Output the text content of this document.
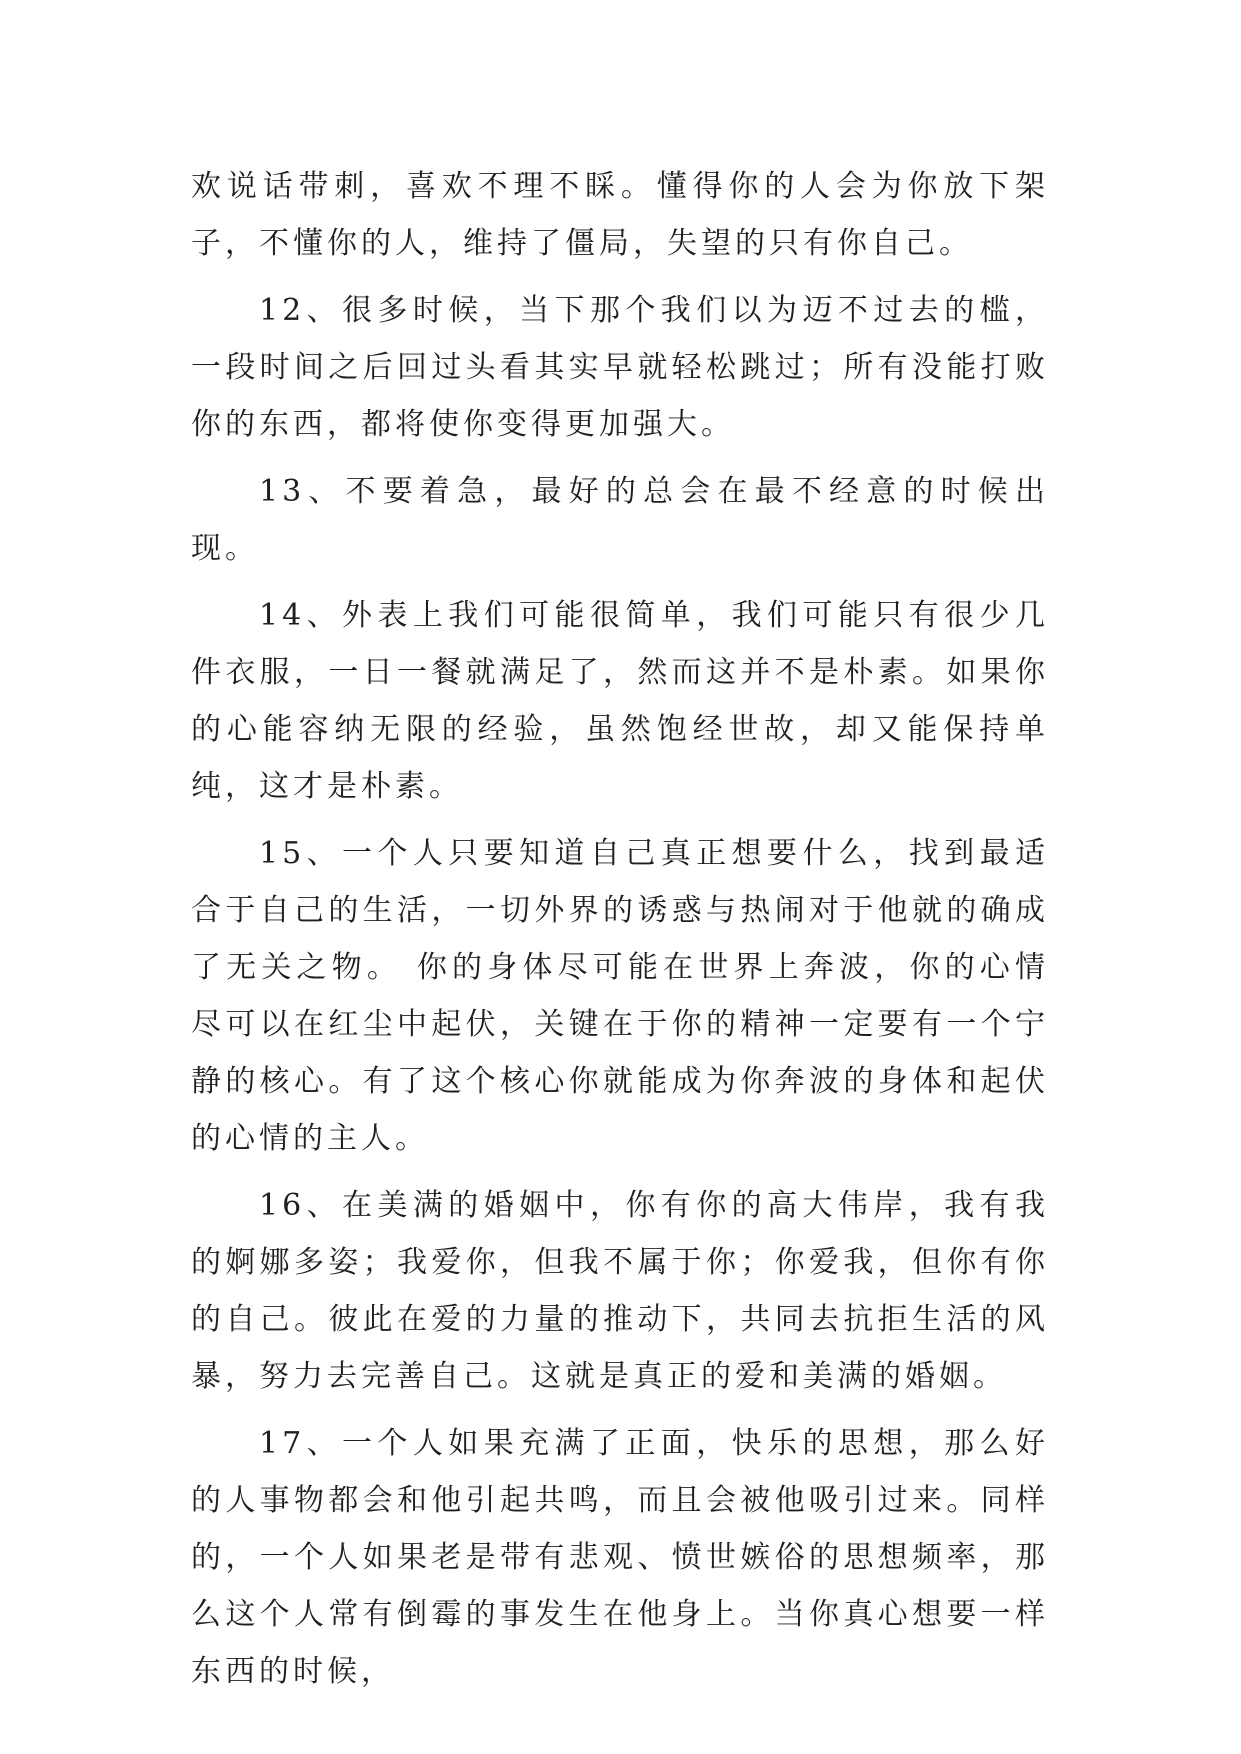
欢说话带刺，喜欢不理不睬。懂得你的人会为你放下架子，不懂你的人，维持了僵局，失望的只有你自己。

12、很多时候，当下那个我们以为迈不过去的槛，一段时间之后回过头看其实早就轻松跳过；所有没能打败你的东西，都将使你变得更加强大。

13、不要着急，最好的总会在最不经意的时候出现。

14、外表上我们可能很简单，我们可能只有很少几件衣服，一日一餐就满足了，然而这并不是朴素。如果你的心能容纳无限的经验，虽然饱经世故，却又能保持单纯，这才是朴素。

15、一个人只要知道自己真正想要什么，找到最适合于自己的生活，一切外界的诱惑与热闹对于他就的确成了无关之物。 你的身体尽可能在世界上奔波，你的心情尽可以在红尘中起伏，关键在于你的精神一定要有一个宁静的核心。有了这个核心你就能成为你奔波的身体和起伏的心情的主人。

16、在美满的婚姻中，你有你的高大伟岸，我有我的婀娜多姿；我爱你，但我不属于你；你爱我，但你有你的自己。彼此在爱的力量的推动下，共同去抗拒生活的风暴，努力去完善自己。这就是真正的爱和美满的婚姻。

17、一个人如果充满了正面，快乐的思想，那么好的人事物都会和他引起共鸣，而且会被他吸引过来。同样的，一个人如果老是带有悲观、愤世嫉俗的思想频率，那么这个人常有倒霉的事发生在他身上。当你真心想要一样东西的时候，
